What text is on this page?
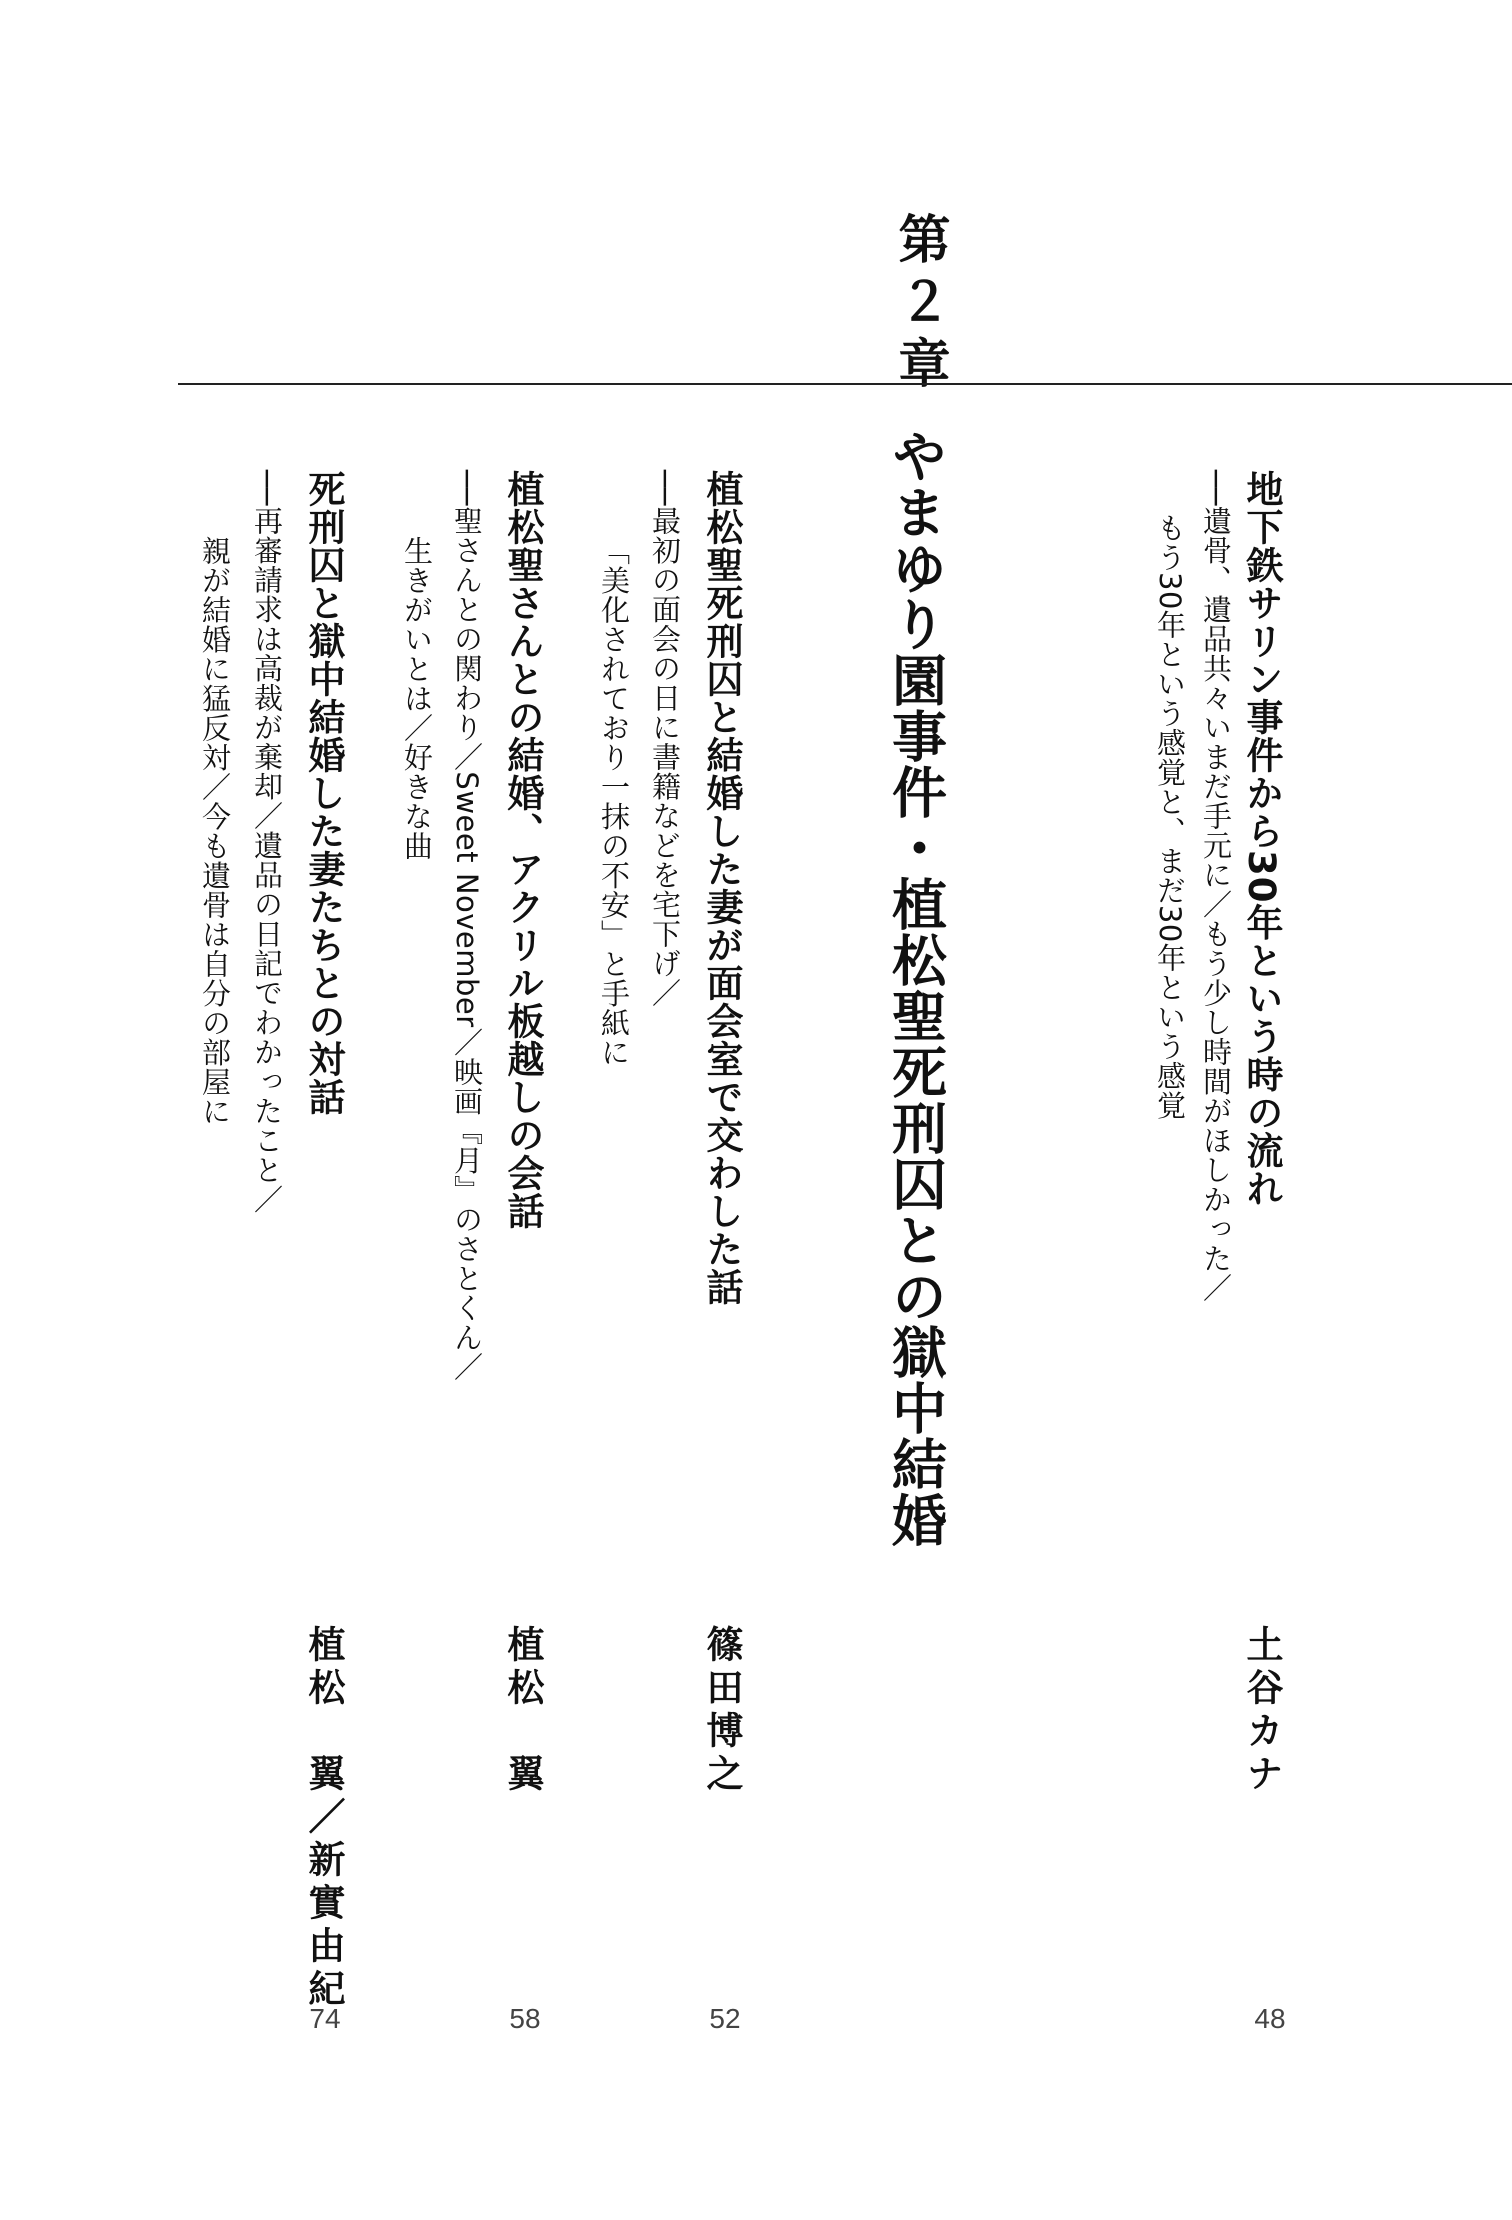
第２章
やまゆり園事件・植松聖死刑囚との獄中結婚	地下鉄サリン事件から30年という時の流れ
──遺骨、遺品共々いまだ手元に／もう少し時間がほしかった／
もう30年という感覚と、まだ30年という感覚
土谷カナ
48
植松聖死刑囚と結婚した妻が面会室で交わした話
──最初の面会の日に書籍などを宅下げ／
「美化されており一抹の不安」と手紙に
篠田博之
52
植松聖さんとの結婚、アクリル板越しの会話
──聖さんとの関わり／Sweet November／映画『月』のさとくん／
生きがいとは／好きな曲
植松　翼
58
死刑囚と獄中結婚した妻たちとの対話
──再審請求は高裁が棄却／遺品の日記でわかったこと／
親が結婚に猛反対／今も遺骨は自分の部屋に
植松　翼／新實由紀
74
